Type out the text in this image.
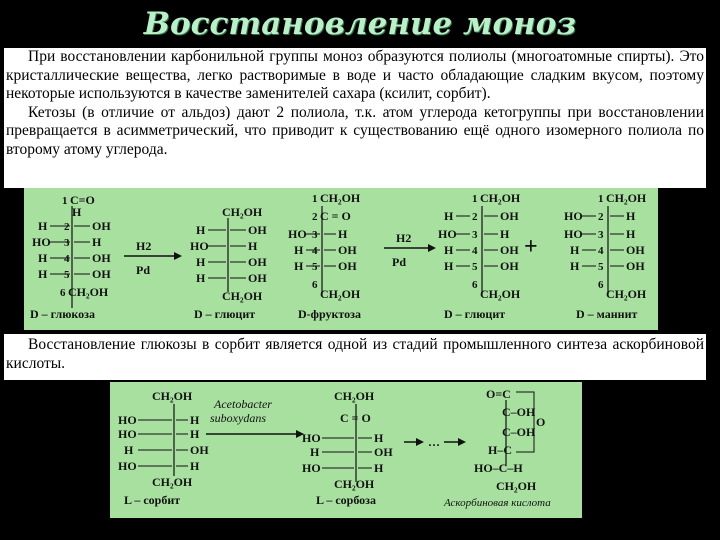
Восстановление моноз

При восстановлении карбонильной группы моноз образуются полиолы (многоатомные спирты). Это кристаллические вещества, легко растворимые в воде и часто обладающие сладким вкусом, поэтому некоторые используются в качестве заменителей сахара (ксилит, сорбит).

Кетозы (в отличие от альдоз) дают 2 полиола, т.к. атом углерода кетогруппы при восстановлении превращается в асимметрический, что приводит к существованию ещё одного изомерного полиола по второму атому углерода.

1 C=O
H
H 2 OH
HO 3 H
H 4 OH
H 5 OH
6 CH₂OH
D – глюкоза
H2
Pd
CH₂OH
H	OH
HO	H
H	OH
H	OH
CH₂OH
D – глюцит
1 CH₂OH
2 C = O
HO 3 H
H 4 OH
H 5 OH
6
CH₂OH
D-фруктоза
H2
Pd
1 CH₂OH
H 2 OH
HO 3 H
H 4 OH
H 5 OH
6
CH₂OH
D – глюцит
+
1 CH₂OH
HO 2 H
HO 3 H
H 4 OH
H 5 OH
6
CH₂OH
D – маннит

Восстановление глюкозы в сорбит является одной из стадий промышленного синтеза аскорбиновой кислоты.

CH₂OH
HO	H
HO	H
H	OH
HO	H
CH₂OH
L – сорбит
Acetobacter
suboxydans
CH₂OH
C = O
HO	H
H	OH
HO	H
CH₂OH
L – сорбоза
…
O=C
C–OH
C–OH
O
H–C
HO–C–H
CH₂OH
Аскорбиновая кислота
